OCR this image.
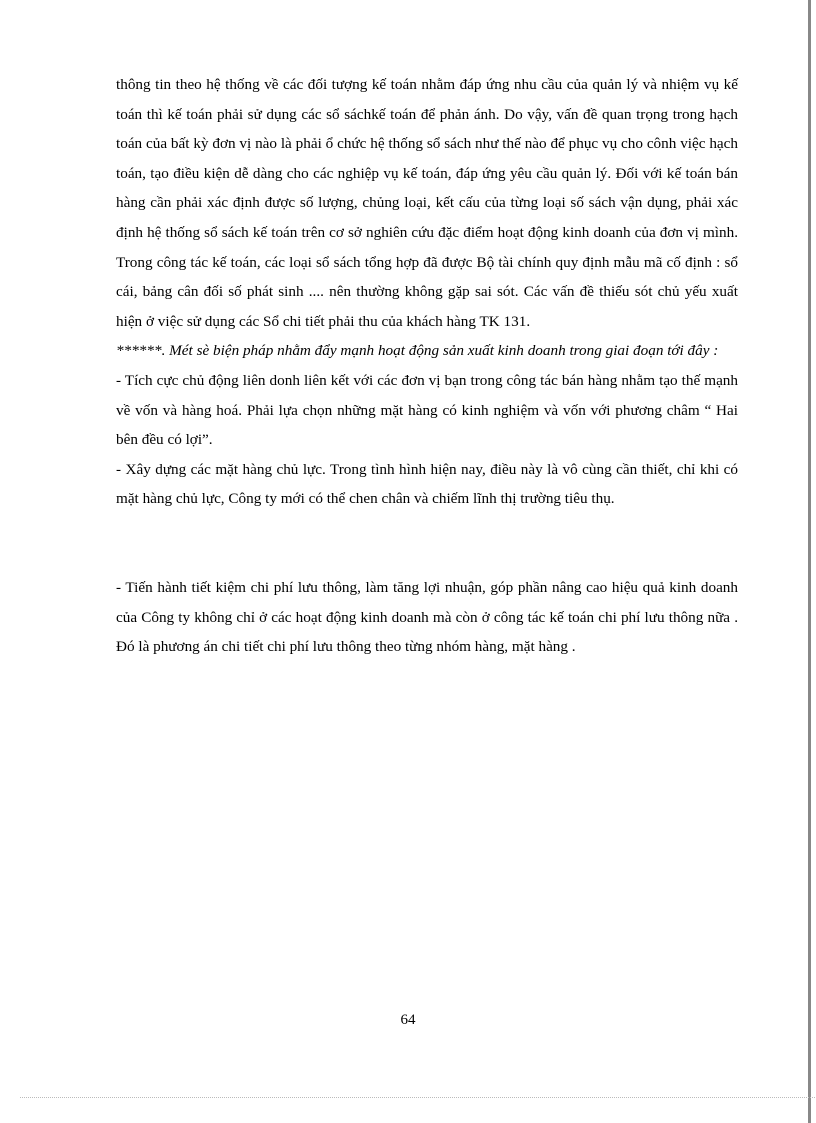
thông tin theo hệ thống về các đối tượng kế toán nhằm đáp ứng nhu cầu của quản lý và nhiệm vụ kế toán thì kế toán phải sử dụng các sổ sáchkế toán để phản ánh. Do vậy, vấn đề quan trọng trong hạch toán của bất kỳ đơn vị nào là phải ổ chức hệ thống sổ sách như thế nào để phục vụ cho cônh việc hạch toán, tạo điều kiện dễ dàng cho các nghiệp vụ kế toán, đáp ứng yêu cầu quản lý. Đối với kế toán bán hàng cần phải xác định được số lượng, chủng loại, kết cấu của từng loại số sách vận dụng, phải xác định hệ thống sổ sách kế toán trên cơ sở nghiên cứu đặc điểm hoạt động kinh doanh của đơn vị mình. Trong công tác kế toán, các loại sổ sách tổng hợp đã được Bộ tài chính quy định mẫu mã cố định : sổ cái, bảng cân đối số phát sinh .... nên thường không gặp sai sót. Các vấn đề thiếu sót chủ yếu xuất hiện ở việc sử dụng các Sổ chi tiết phải thu của khách hàng TK 131.

******. Mét sè biện pháp nhằm đẩy mạnh hoạt động sản xuất kinh doanh trong giai đoạn tới đây :

- Tích cực chủ động liên donh liên kết với các đơn vị bạn trong công tác bán hàng nhằm tạo thế mạnh về vốn và hàng hoá. Phải lựa chọn những mặt hàng có kinh nghiệm và vốn với phương châm “ Hai bên đều có lợi”.

- Xây dựng các mặt hàng chủ lực. Trong tình hình hiện nay, điều này là vô cùng cần thiết, chỉ khi có mặt hàng chủ lực, Công ty mới có thể chen chân và chiếm lĩnh thị trường tiêu thụ.

- Tiến hành tiết kiệm chi phí lưu thông, làm tăng lợi nhuận, góp phần nâng cao hiệu quả kinh doanh của Công ty không chỉ ở các hoạt động kinh doanh mà còn ở công tác kế toán chi phí lưu thông nữa . Đó là phương án chi tiết chi phí lưu thông theo từng nhóm hàng, mặt hàng .

64
